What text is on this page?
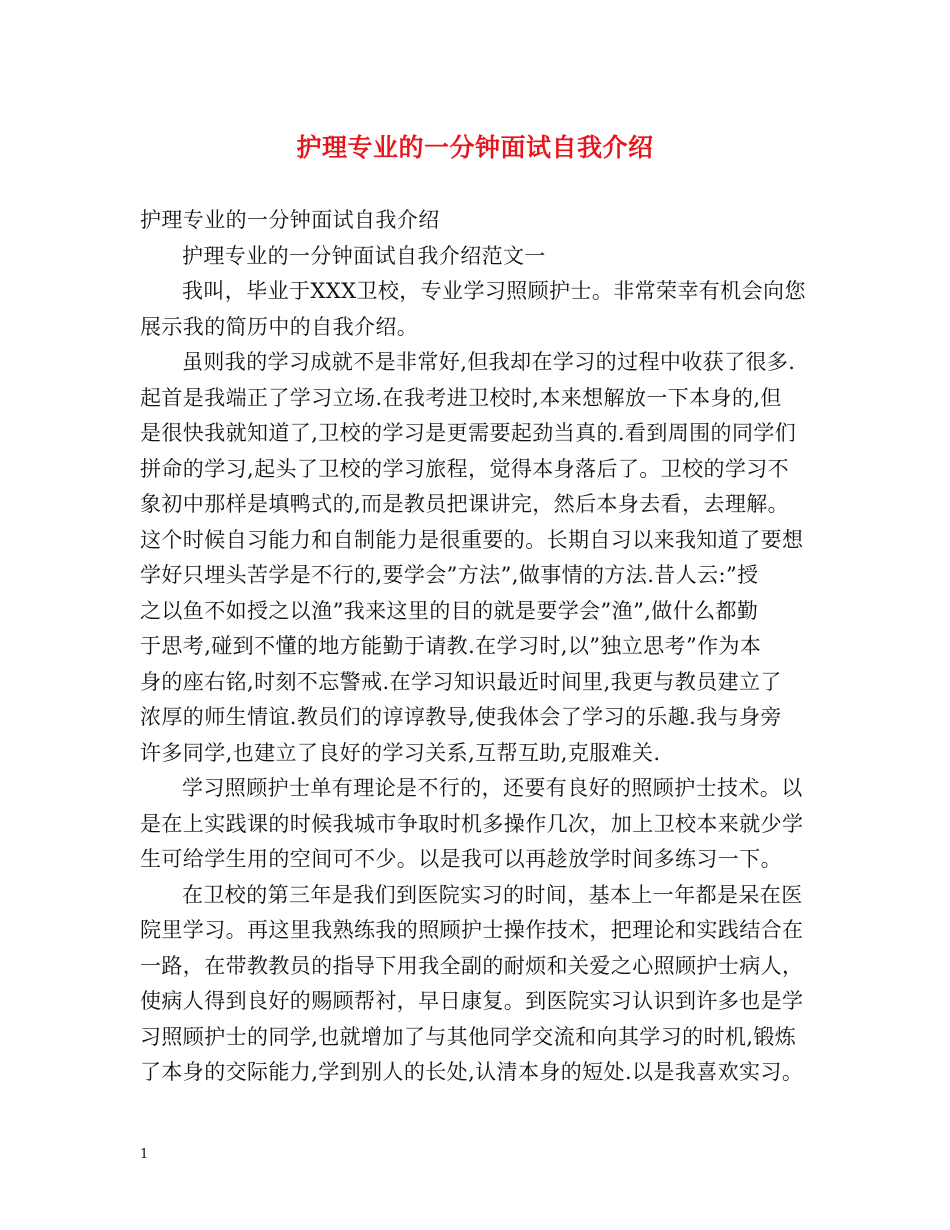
护理专业的一分钟面试自我介绍
护理专业的一分钟面试自我介绍
护理专业的一分钟面试自我介绍范文一
我叫，毕业于XXX卫校，专业学习照顾护士。非常荣幸有机会向您
展示我的简历中的自我介绍。
虽则我的学习成就不是非常好,但我却在学习的过程中收获了很多.
起首是我端正了学习立场.在我考进卫校时,本来想解放一下本身的,但
是很快我就知道了,卫校的学习是更需要起劲当真的.看到周围的同学们
拼命的学习,起头了卫校的学习旅程，觉得本身落后了。卫校的学习不
象初中那样是填鸭式的,而是教员把课讲完，然后本身去看，去理解。
这个时候自习能力和自制能力是很重要的。长期自习以来我知道了要想
学好只埋头苦学是不行的,要学会”方法”,做事情的方法.昔人云:”授
之以鱼不如授之以渔”我来这里的目的就是要学会”渔”,做什么都勤
于思考,碰到不懂的地方能勤于请教.在学习时,以”独立思考”作为本
身的座右铭,时刻不忘警戒.在学习知识最近时间里,我更与教员建立了
浓厚的师生情谊.教员们的谆谆教导,使我体会了学习的乐趣.我与身旁
许多同学,也建立了良好的学习关系,互帮互助,克服难关.
学习照顾护士单有理论是不行的，还要有良好的照顾护士技术。以
是在上实践课的时候我城市争取时机多操作几次，加上卫校本来就少学
生可给学生用的空间可不少。以是我可以再趁放学时间多练习一下。
在卫校的第三年是我们到医院实习的时间，基本上一年都是呆在医
院里学习。再这里我熟练我的照顾护士操作技术，把理论和实践结合在
一路，在带教教员的指导下用我全副的耐烦和关爱之心照顾护士病人，
使病人得到良好的赐顾帮衬，早日康复。到医院实习认识到许多也是学
习照顾护士的同学,也就增加了与其他同学交流和向其学习的时机,锻炼
了本身的交际能力,学到别人的长处,认清本身的短处.以是我喜欢实习。
1
